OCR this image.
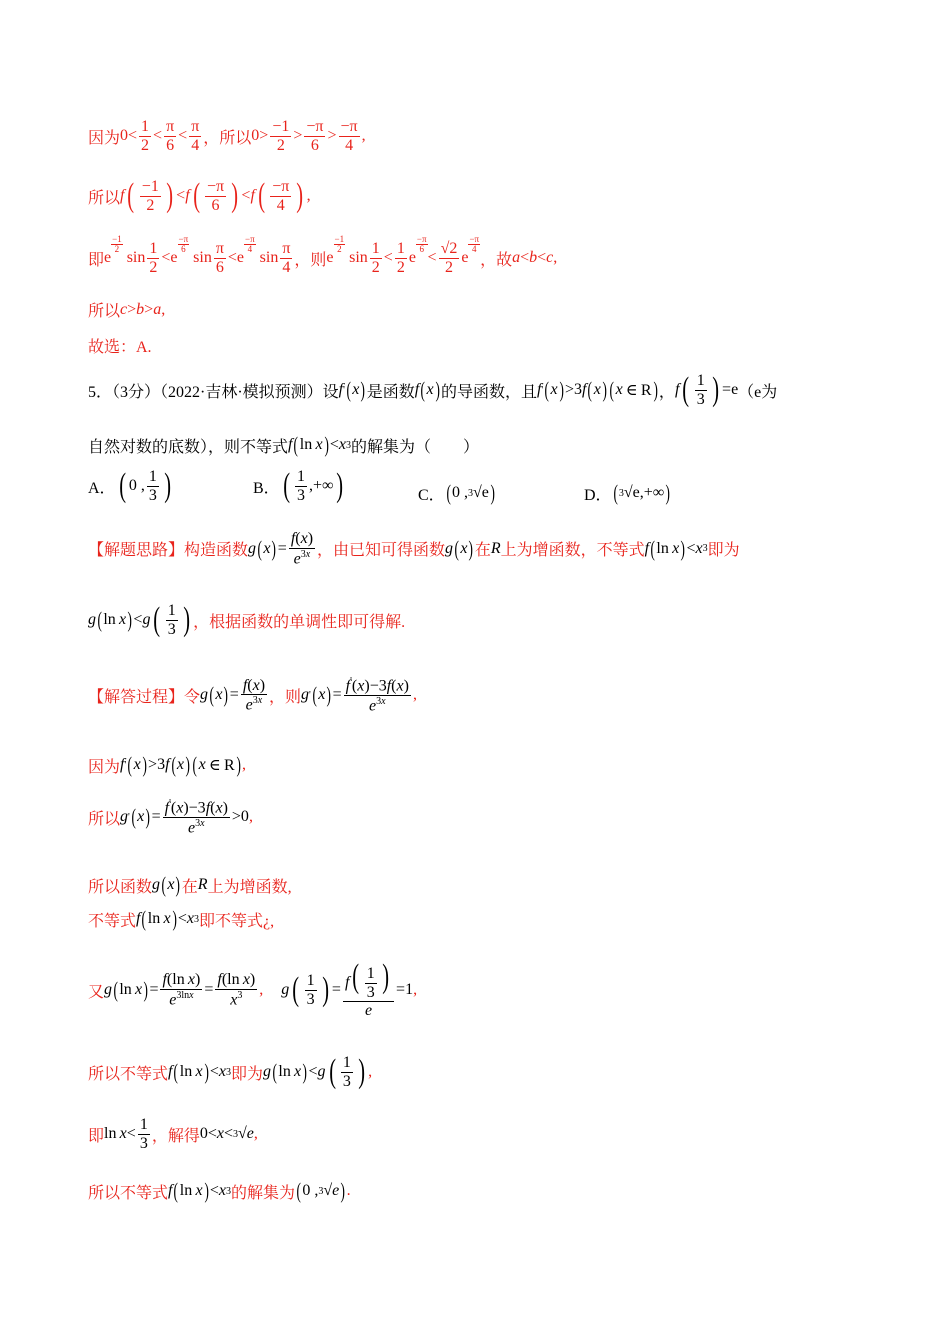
因为 $0< \frac{1}{2} < \frac{\pi}{6} < \frac{\pi}{4}$ ，所以 $0> \frac{-1}{2} > \frac{-\pi}{6} > \frac{-\pi}{4}$ ,
所以 f ( $\frac{-1}{2}$ ) < f ( $\frac{-\pi}{6}$ ) < f ( $\frac{-\pi}{4}$ ) ,
即 e
−1
2 $\sin \frac{1}{2} < e$
−π
6 $\sin \frac{\pi}{6} < e$
−π
4 $\sin \frac{\pi}{4}$ ，则 e
−1
2 $\sin \frac{1}{2} < \frac{1}{2}$ e
−π
$6 < \frac{√2}{2}$ e
−π
4
，故 a < b < c ,
所以 c > b > a ,
故选：A.
5．（3分）（2022·吉林·模拟预测）设 f ' ( x ) 是函数 f ( x ) 的导函数，且 f ' ( x ) >3 f ( x ) ( x  ∈ R ) ， f ( $\frac{1}{3}$ ) =e （e为
自然对数的底数），则不等式 f ( ln  x ) < x 3 的解集为（　　）
A． ( 0 , $\frac{1}{3}$ )	B． ( $\frac{1}{3}$ ,+∞ )	C． ( 0 , 3 √e )	D． ( 3 √e ,+∞ )
【解题思路】构造函数 g ( x ) = $\frac{f(x)}{e^{3x}}$ ，由已知可得函数 g ( x ) 在 R 上为增函数，不等式 f ( ln  x ) < x 3 即为
g ( ln  x ) < g ( $\frac{1}{3}$ ) ，根据函数的单调性即可得解.
【解答过程】令 g ( x ) = $\frac{f(x)}{e^{3x}}$ ，则 g ' ( x ) = $\frac{f'(x)-3f(x)}{e^{3x}}$ ,
因为 f ' ( x ) >3 f ( x ) ( x  ∈ R ) ,
所以 g ' ( x ) = $\frac{f'(x)-3f(x)}{e^{3x}} >0$ ,
所以函数 g ( x ) 在 R 上为增函数,
不等式 f ( ln  x ) < x 3 即不等式¿,
又 g ( ln  x ) = $\frac{\text{f(ln x)}}{e^{3lnx}} = \frac{\text{f(ln x)}}{x^3}$ , g ( $\frac{1}{3}$ ) = $\frac{f( \frac{1}{3} )}{e} =1$ ,
所以不等式 f ( ln  x ) < x 3 即为 g ( ln  x ) < g ( $\frac{1}{3}$ ) ,
即 $\ln x < \frac{1}{3}$ ，解得 0< x < 3 √ e ,
所以不等式 f ( ln  x ) < x 3 的解集为 ( 0 , 3 √ e ) .
